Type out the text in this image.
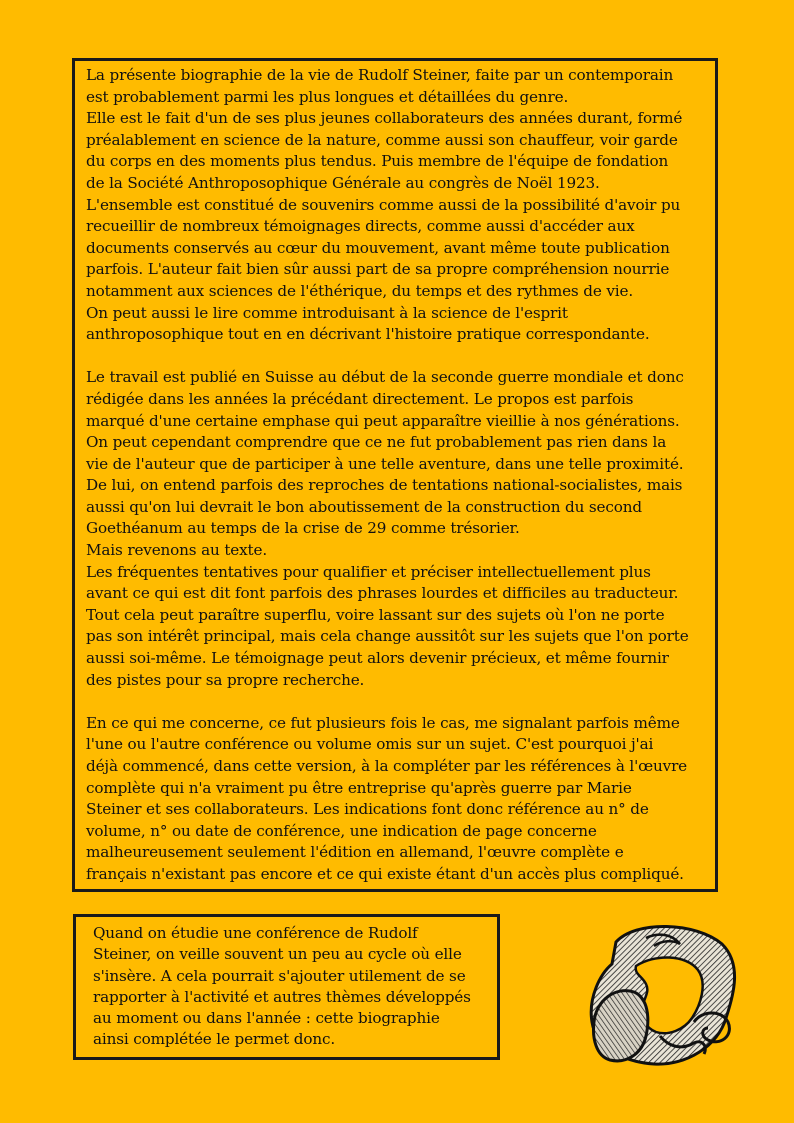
La présente biographie de la vie de Rudolf Steiner, faite par un contemporain
est probablement parmi les plus longues et détaillées du genre.
Elle est le fait d'un de ses plus jeunes collaborateurs des années durant, formé
préalablement en science de la nature, comme aussi son chauffeur, voir garde
du corps en des moments plus tendus. Puis membre de l'équipe de fondation
de la Société Anthroposophique Générale au congrès de Noël 1923.
L'ensemble est constitué de souvenirs comme aussi de la possibilité d'avoir pu
recueillir de nombreux témoignages directs, comme aussi d'accéder aux
documents conservés au cœur du mouvement, avant même toute publication
parfois. L'auteur fait bien sûr aussi part de sa propre compréhension nourrie
notamment aux sciences de l'éthérique, du temps et des rythmes de vie.
On peut aussi le lire comme introduisant à la science de l'esprit
anthroposophique tout en en décrivant l'histoire pratique correspondante.

Le travail est publié en Suisse au début de la seconde guerre mondiale et donc
rédigée dans les années la précédant directement. Le propos est parfois
marqué d'une certaine emphase qui peut apparaître vieillie à nos générations.
On peut cependant comprendre que ce ne fut probablement pas rien dans la
vie de l'auteur que de participer à une telle aventure, dans une telle proximité.
De lui, on entend parfois des reproches de tentations national-socialistes, mais
aussi qu'on lui devrait le bon aboutissement de la construction du second
Goethéanum au temps de la crise de 29 comme trésorier.
Mais revenons au texte.
Les fréquentes tentatives pour qualifier et préciser intellectuellement plus
avant ce qui est dit font parfois des phrases lourdes et difficiles au traducteur.
Tout cela peut paraître superflu, voire lassant sur des sujets où l'on ne porte
pas son intérêt principal, mais cela change aussitôt sur les sujets que l'on porte
aussi soi-même. Le témoignage peut alors devenir précieux, et même fournir
des pistes pour sa propre recherche.

En ce qui me concerne, ce fut plusieurs fois le cas, me signalant parfois même
l'une ou l'autre conférence ou volume omis sur un sujet. C'est pourquoi j'ai
déjà commencé, dans cette version, à la compléter par les références à l'œuvre
complète qui n'a vraiment pu être entreprise qu'après guerre par Marie
Steiner et ses collaborateurs. Les indications font donc référence au n° de
volume, n° ou date de conférence, une indication de page concerne
malheureusement seulement l'édition en allemand, l'œuvre complète e
français n'existant pas encore et ce qui existe étant d'un accès plus compliqué.

Quand on étudie une conférence de Rudolf
Steiner, on veille souvent un peu au cycle où elle
s'insère. A cela pourrait s'ajouter utilement de se
rapporter à l'activité et autres thèmes développés
au moment ou dans l'année : cette biographie
ainsi complétée le permet donc.
